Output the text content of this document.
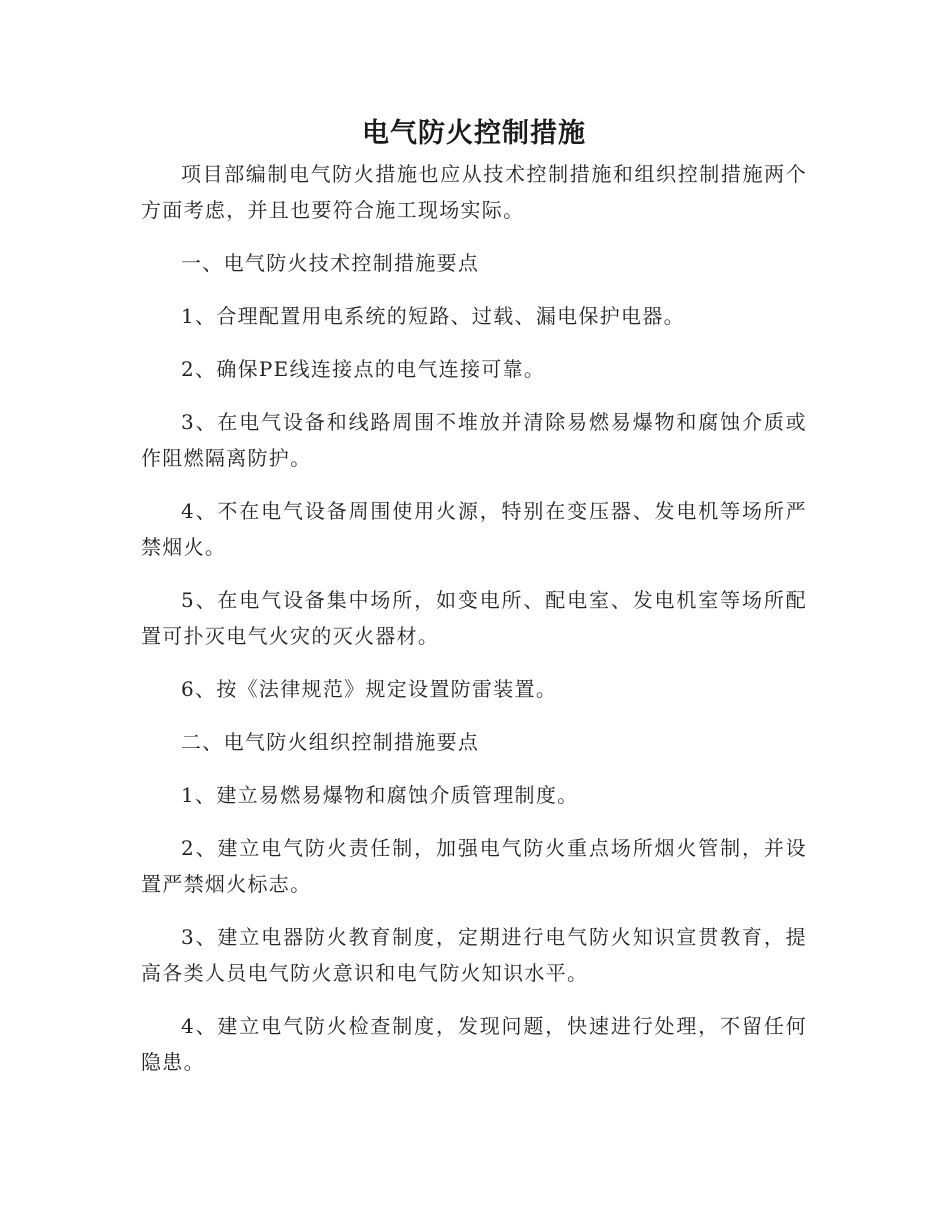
电气防火控制措施

项目部编制电气防火措施也应从技术控制措施和组织控制措施两个方面考虑，并且也要符合施工现场实际。

一、电气防火技术控制措施要点

1、合理配置用电系统的短路、过载、漏电保护电器。

2、确保PE线连接点的电气连接可靠。

3、在电气设备和线路周围不堆放并清除易燃易爆物和腐蚀介质或作阻燃隔离防护。

4、不在电气设备周围使用火源，特别在变压器、发电机等场所严禁烟火。

5、在电气设备集中场所，如变电所、配电室、发电机室等场所配置可扑灭电气火灾的灭火器材。

6、按《法律规范》规定设置防雷装置。

二、电气防火组织控制措施要点

1、建立易燃易爆物和腐蚀介质管理制度。

2、建立电气防火责任制，加强电气防火重点场所烟火管制，并设置严禁烟火标志。

3、建立电器防火教育制度，定期进行电气防火知识宣贯教育，提高各类人员电气防火意识和电气防火知识水平。

4、建立电气防火检查制度，发现问题，快速进行处理，不留任何隐患。
